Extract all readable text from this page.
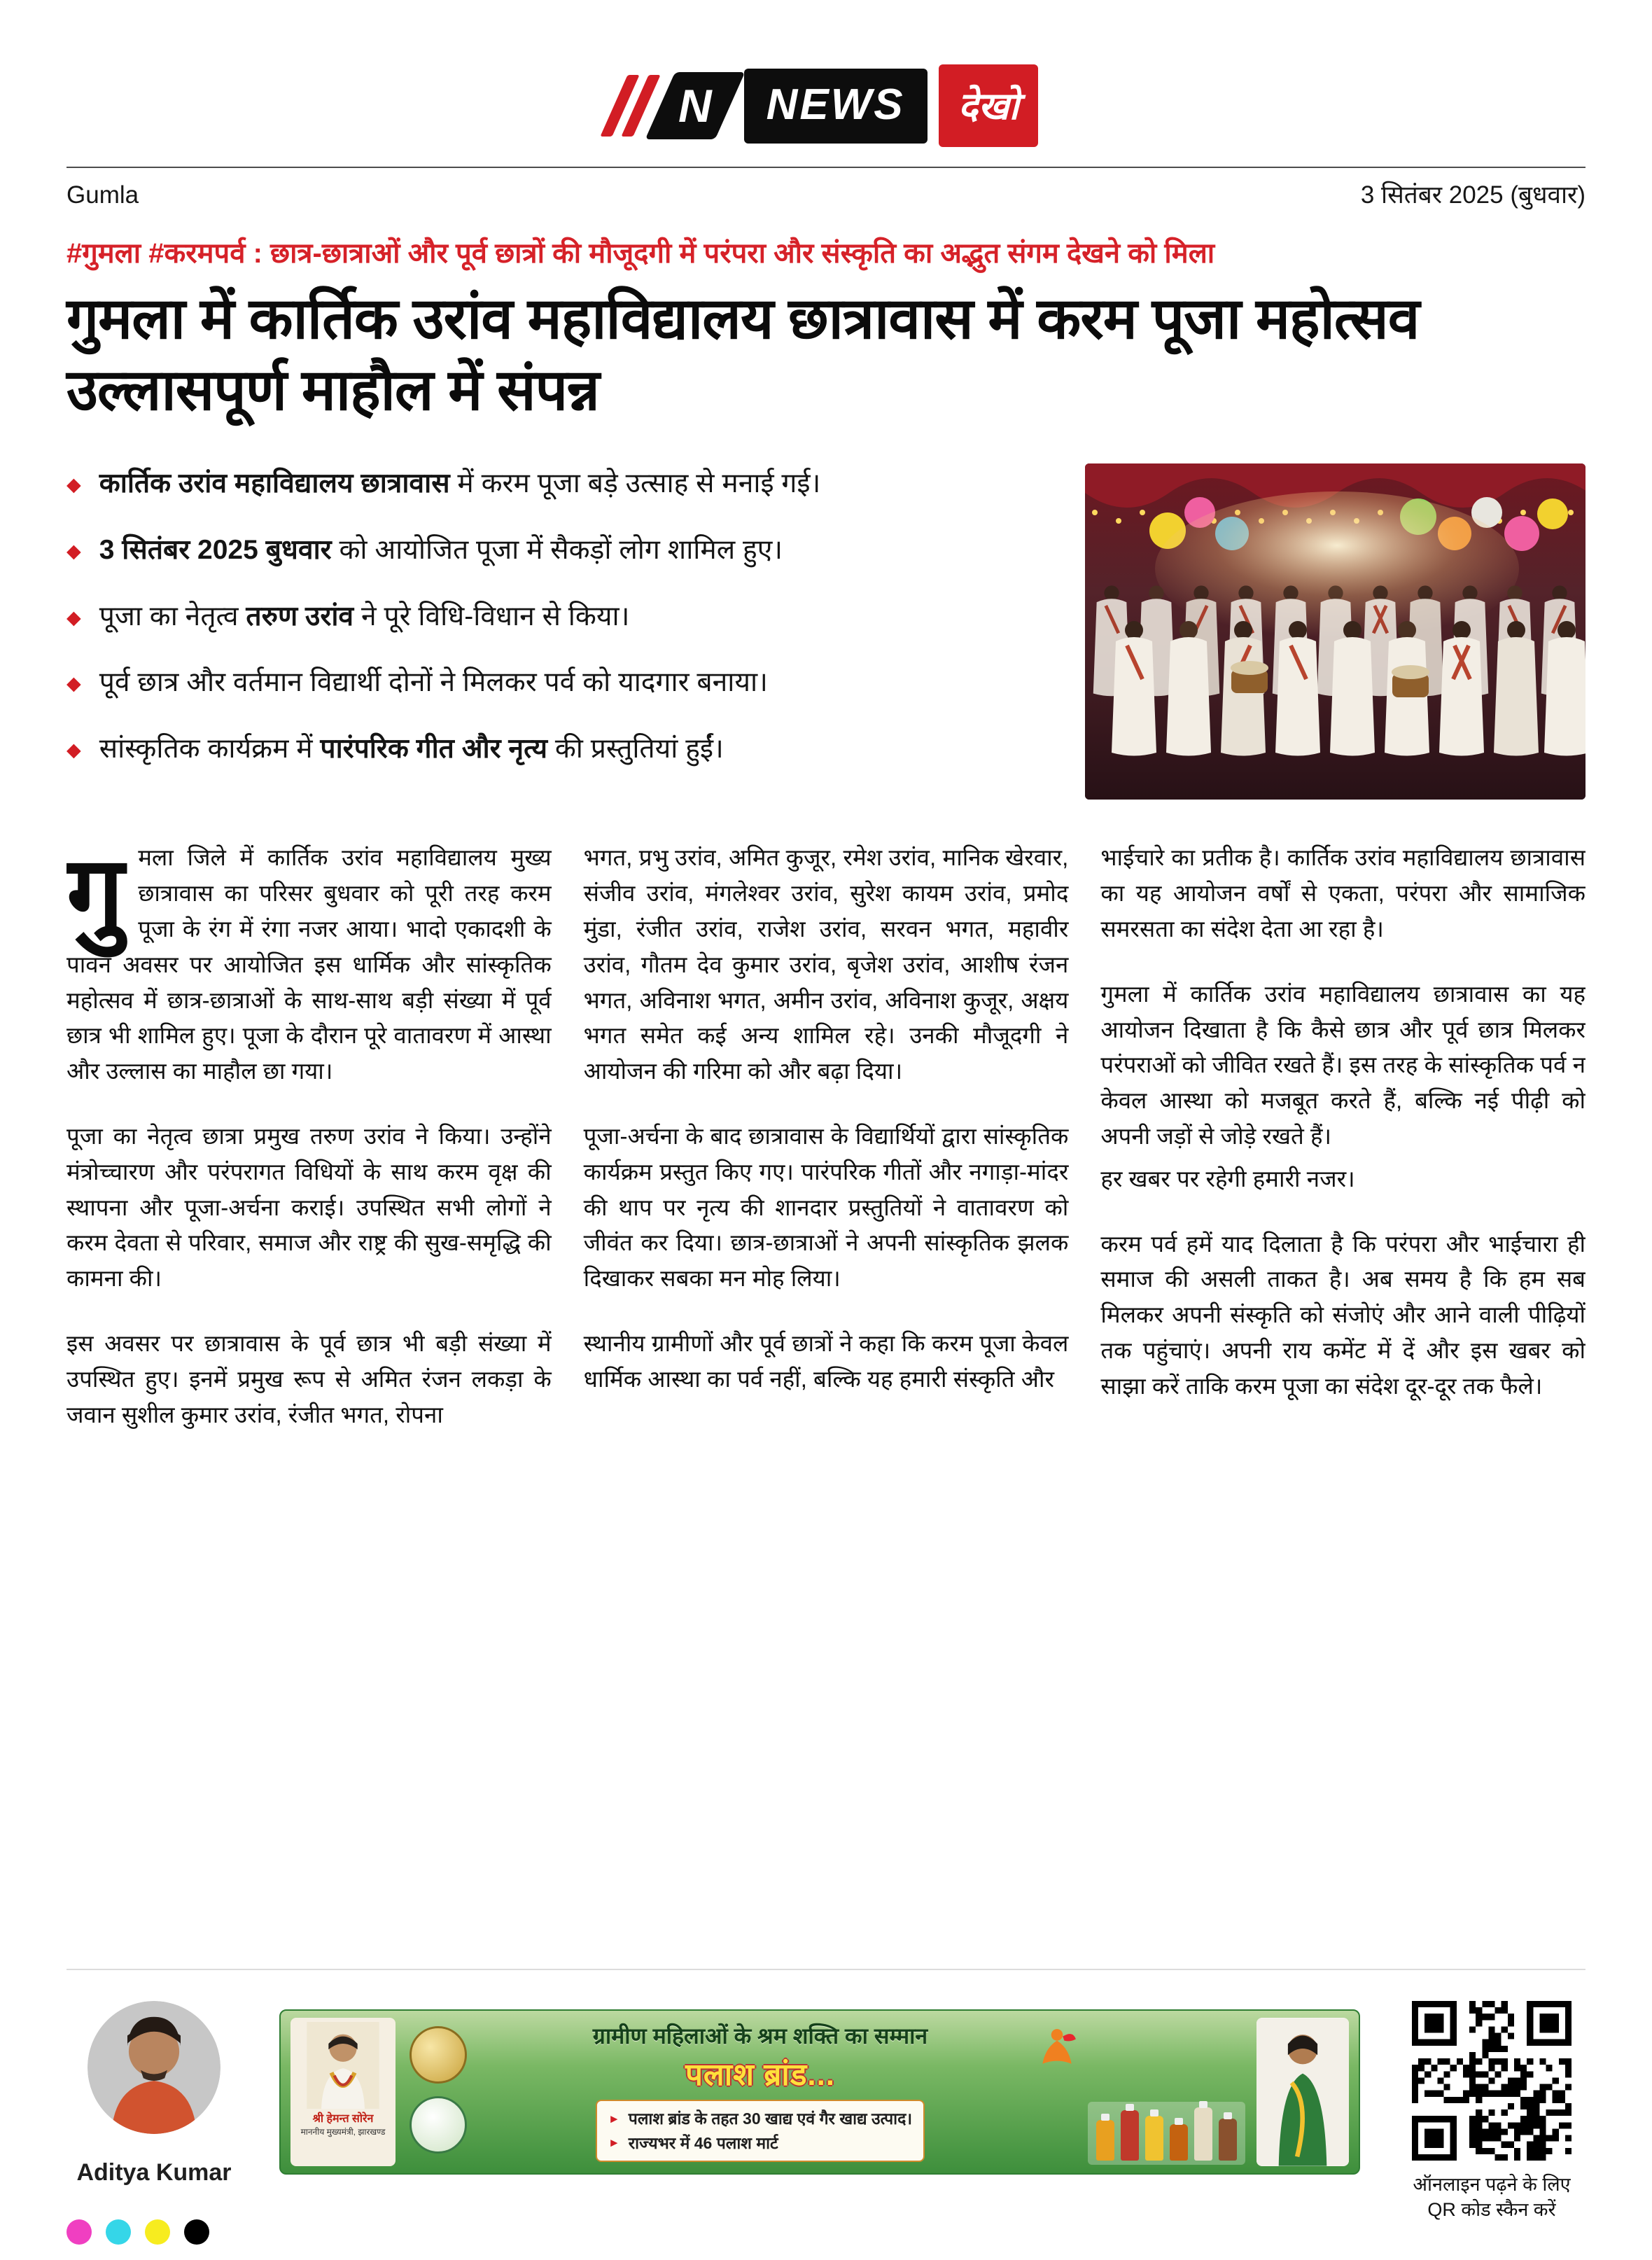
N	NEWS	देखो
Gumla	3 सितंबर 2025 (बुधवार)
#गुमला #करमपर्व : छात्र-छात्राओं और पूर्व छात्रों की मौजूदगी में परंपरा और संस्कृति का अद्भुत संगम देखने को मिला
गुमला में कार्तिक उरांव महाविद्यालय छात्रावास में करम पूजा महोत्सव उल्लासपूर्ण माहौल में संपन्न
◆ कार्तिक उरांव महाविद्यालय छात्रावास में करम पूजा बड़े उत्साह से मनाई गई।
◆ 3 सितंबर 2025 बुधवार को आयोजित पूजा में सैकड़ों लोग शामिल हुए।
◆ पूजा का नेतृत्व तरुण उरांव ने पूरे विधि-विधान से किया।
◆ पूर्व छात्र और वर्तमान विद्यार्थी दोनों ने मिलकर पर्व को यादगार बनाया।
◆ सांस्कृतिक कार्यक्रम में पारंपरिक गीत और नृत्य की प्रस्तुतियां हुईं।

गुमला जिले में कार्तिक उरांव महाविद्यालय मुख्य छात्रावास का परिसर बुधवार को पूरी तरह करम पूजा के रंग में रंगा नजर आया। भादो एकादशी के पावन अवसर पर आयोजित इस धार्मिक और सांस्कृतिक महोत्सव में छात्र-छात्राओं के साथ-साथ बड़ी संख्या में पूर्व छात्र भी शामिल हुए। पूजा के दौरान पूरे वातावरण में आस्था और उल्लास का माहौल छा गया।

पूजा का नेतृत्व छात्रा प्रमुख तरुण उरांव ने किया। उन्होंने मंत्रोच्चारण और परंपरागत विधियों के साथ करम वृक्ष की स्थापना और पूजा-अर्चना कराई। उपस्थित सभी लोगों ने करम देवता से परिवार, समाज और राष्ट्र की सुख-समृद्धि की कामना की।

इस अवसर पर छात्रावास के पूर्व छात्र भी बड़ी संख्या में उपस्थित हुए। इनमें प्रमुख रूप से अमित रंजन लकड़ा के जवान सुशील कुमार उरांव, रंजीत भगत, रोपना

भगत, प्रभु उरांव, अमित कुजूर, रमेश उरांव, मानिक खेरवार, संजीव उरांव, मंगलेश्वर उरांव, सुरेश कायम उरांव, प्रमोद मुंडा, रंजीत उरांव, राजेश उरांव, सरवन भगत, महावीर उरांव, गौतम देव कुमार उरांव, बृजेश उरांव, आशीष रंजन भगत, अविनाश भगत, अमीन उरांव, अविनाश कुजूर, अक्षय भगत समेत कई अन्य शामिल रहे। उनकी मौजूदगी ने आयोजन की गरिमा को और बढ़ा दिया।

पूजा-अर्चना के बाद छात्रावास के विद्यार्थियों द्वारा सांस्कृतिक कार्यक्रम प्रस्तुत किए गए। पारंपरिक गीतों और नगाड़ा-मांदर की थाप पर नृत्य की शानदार प्रस्तुतियों ने वातावरण को जीवंत कर दिया। छात्र-छात्राओं ने अपनी सांस्कृतिक झलक दिखाकर सबका मन मोह लिया।

स्थानीय ग्रामीणों और पूर्व छात्रों ने कहा कि करम पूजा केवल धार्मिक आस्था का पर्व नहीं, बल्कि यह हमारी संस्कृति और

भाईचारे का प्रतीक है। कार्तिक उरांव महाविद्यालय छात्रावास का यह आयोजन वर्षों से एकता, परंपरा और सामाजिक समरसता का संदेश देता आ रहा है।

गुमला में कार्तिक उरांव महाविद्यालय छात्रावास का यह आयोजन दिखाता है कि कैसे छात्र और पूर्व छात्र मिलकर परंपराओं को जीवित रखते हैं। इस तरह के सांस्कृतिक पर्व न केवल आस्था को मजबूत करते हैं, बल्कि नई पीढ़ी को अपनी जड़ों से जोड़े रखते हैं।

हर खबर पर रहेगी हमारी नजर।

करम पर्व हमें याद दिलाता है कि परंपरा और भाईचारा ही समाज की असली ताकत है। अब समय है कि हम सब मिलकर अपनी संस्कृति को संजोएं और आने वाली पीढ़ियों तक पहुंचाएं। अपनी राय कमेंट में दें और इस खबर को साझा करें ताकि करम पूजा का संदेश दूर-दूर तक फैले।

Aditya Kumar
श्री हेमन्त सोरेन
माननीय मुख्यमंत्री, झारखण्ड
ग्रामीण महिलाओं के श्रम शक्ति का सम्मान
पलाश ब्रांड...
► पलाश ब्रांड के तहत 30 खाद्य एवं गैर खाद्य उत्पाद।
► राज्यभर में 46 पलाश मार्ट
ऑनलाइन पढ़ने के लिए
QR कोड स्कैन करें
